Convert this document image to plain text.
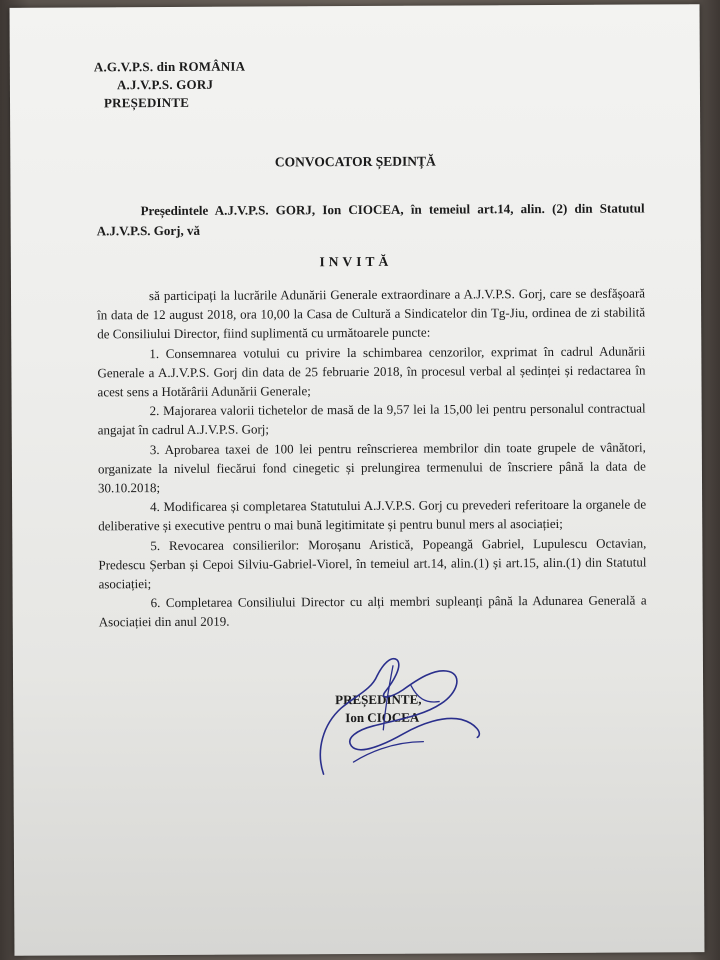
A.G.V.P.S. din ROMÂNIA
A.J.V.P.S. GORJ
PREȘEDINTE
CONVOCATOR ȘEDINȚĂ
Președintele A.J.V.P.S. GORJ, Ion CIOCEA, în temeiul art.14, alin. (2) din Statutul A.J.V.P.S. Gorj, vă
INVITĂ

să participați la lucrările Adunării Generale extraordinare a A.J.V.P.S. Gorj, care se desfășoară în data de 12 august 2018, ora 10,00 la Casa de Cultură a Sindicatelor din Tg-Jiu, ordinea de zi stabilită de Consiliului Director, fiind suplimentă cu următoarele puncte:

1. Consemnarea votului cu privire la schimbarea cenzorilor, exprimat în cadrul Adunării Generale a A.J.V.P.S. Gorj din data de 25 februarie 2018, în procesul verbal al ședinței și redactarea în acest sens a Hotărârii Adunării Generale;

2. Majorarea valorii tichetelor de masă de la 9,57 lei la 15,00 lei pentru personalul contractual angajat în cadrul A.J.V.P.S. Gorj;

3. Aprobarea taxei de 100 lei pentru reînscrierea membrilor din toate grupele de vânători, organizate la nivelul fiecărui fond cinegetic și prelungirea termenului de înscriere până la data de 30.10.2018;

4. Modificarea și completarea Statutului A.J.V.P.S. Gorj cu prevederi referitoare la organele de deliberative și executive pentru o mai bună legitimitate și pentru bunul mers al asociației;

5. Revocarea consilierilor: Moroșanu Aristică, Popeangă Gabriel, Lupulescu Octavian, Predescu Șerban și Cepoi Silviu-Gabriel-Viorel, în temeiul art.14, alin.(1) și art.15, alin.(1) din Statutul asociației;

6. Completarea Consiliului Director cu alți membri supleanți până la Adunarea Generală a Asociației din anul 2019.

PREȘEDINTE,
Ion CIOCEA
